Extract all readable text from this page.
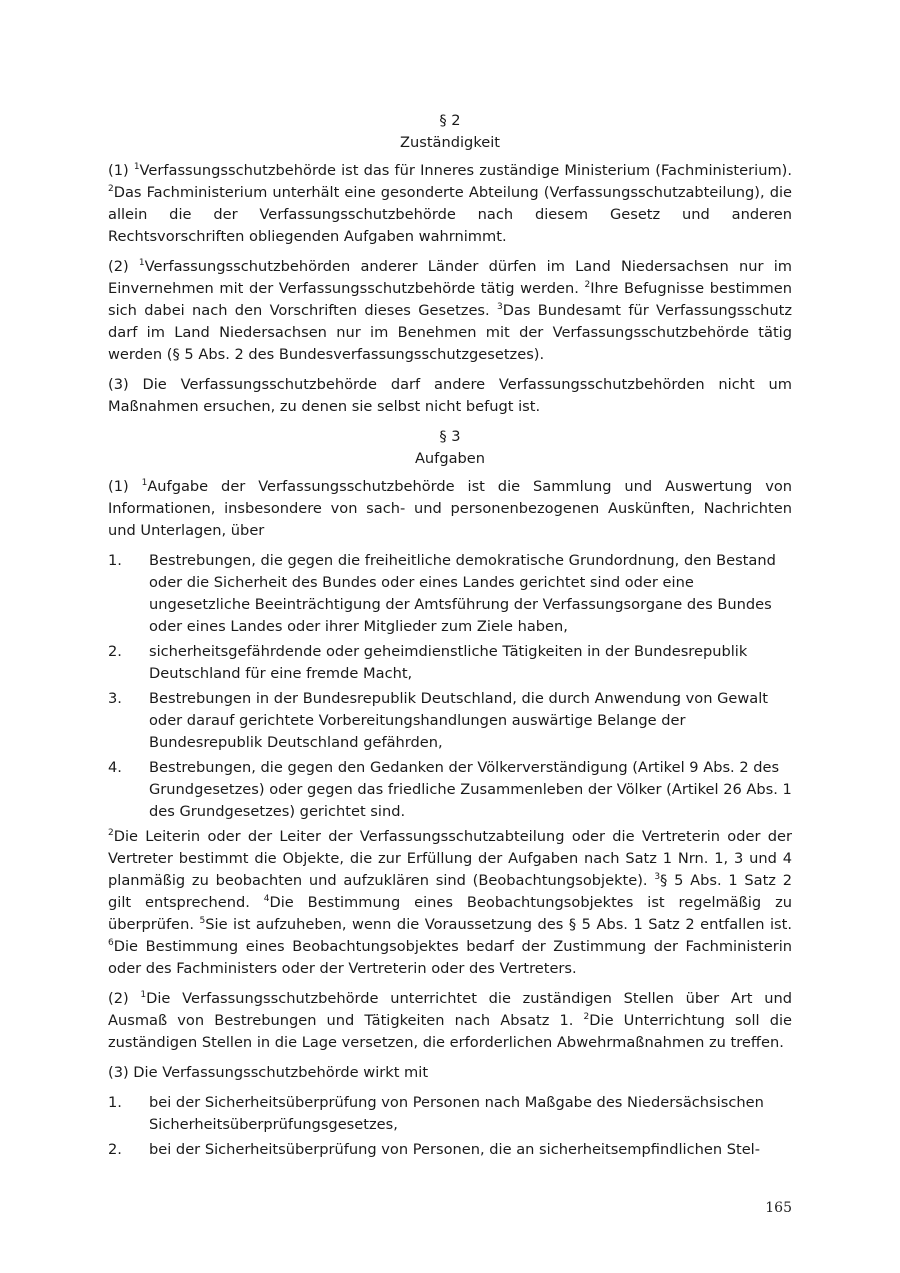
§ 2
Zuständigkeit

(1) $^1$Verfassungsschutzbehörde ist das für Inneres zuständige Ministerium (Fachministerium). $^2$Das Fachministerium unterhält eine gesonderte Abteilung (Verfassungsschutzabteilung), die allein die der Verfassungsschutzbehörde nach diesem Gesetz und anderen Rechtsvorschriften obliegenden Aufgaben wahrnimmt.

(2) $^1$Verfassungsschutzbehörden anderer Länder dürfen im Land Niedersachsen nur im Einvernehmen mit der Verfassungsschutzbehörde tätig werden. $^2$Ihre Befugnisse bestimmen sich dabei nach den Vorschriften dieses Gesetzes. $^3$Das Bundesamt für Verfassungsschutz darf im Land Niedersachsen nur im Benehmen mit der Verfassungsschutzbehörde tätig werden (§ 5 Abs. 2 des Bundesverfassungsschutzgesetzes).

(3) Die Verfassungsschutzbehörde darf andere Verfassungsschutzbehörden nicht um Maßnahmen ersuchen, zu denen sie selbst nicht befugt ist.

§ 3
Aufgaben

(1) $^1$Aufgabe der Verfassungsschutzbehörde ist die Sammlung und Auswertung von Informationen, insbesondere von sach- und personenbezogenen Auskünften, Nachrichten und Unterlagen, über

1.	Bestrebungen, die gegen die freiheitliche demokratische Grundordnung, den Bestand oder die Sicherheit des Bundes oder eines Landes gerichtet sind oder eine ungesetzliche Beeinträchtigung der Amtsführung der Verfassungsorgane des Bundes oder eines Landes oder ihrer Mitglieder zum Ziele haben,
2.	sicherheitsgefährdende oder geheimdienstliche Tätigkeiten in der Bundesrepublik Deutschland für eine fremde Macht,
3.	Bestrebungen in der Bundesrepublik Deutschland, die durch Anwendung von Gewalt oder darauf gerichtete Vorbereitungshandlungen auswärtige Belange der Bundesrepublik Deutschland gefährden,
4.	Bestrebungen, die gegen den Gedanken der Völkerverständigung (Artikel 9 Abs. 2 des Grundgesetzes) oder gegen das friedliche Zusammenleben der Völker (Artikel 26 Abs. 1 des Grundgesetzes) gerichtet sind.

$^2$Die Leiterin oder der Leiter der Verfassungsschutzabteilung oder die Vertreterin oder der Vertreter bestimmt die Objekte, die zur Erfüllung der Aufgaben nach Satz 1 Nrn. 1, 3 und 4 planmäßig zu beobachten und aufzuklären sind (Beobachtungsobjekte). $^3$§ 5 Abs. 1 Satz 2 gilt entsprechend. $^4$Die Bestimmung eines Beobachtungsobjektes ist regelmäßig zu überprüfen. $^5$Sie ist aufzuheben, wenn die Voraussetzung des § 5 Abs. 1 Satz 2 entfallen ist. $^6$Die Bestimmung eines Beobachtungsobjektes bedarf der Zustimmung der Fachministerin oder des Fachministers oder der Vertreterin oder des Vertreters.

(2) $^1$Die Verfassungsschutzbehörde unterrichtet die zuständigen Stellen über Art und Ausmaß von Bestrebungen und Tätigkeiten nach Absatz 1. $^2$Die Unterrichtung soll die zuständigen Stellen in die Lage versetzen, die erforderlichen Abwehrmaßnahmen zu treffen.

(3) Die Verfassungsschutzbehörde wirkt mit

1.	bei der Sicherheitsüberprüfung von Personen nach Maßgabe des Niedersächsischen Sicherheitsüberprüfungsgesetzes,
2.	bei der Sicherheitsüberprüfung von Personen, die an sicherheitsempfindlichen Stel-
165
